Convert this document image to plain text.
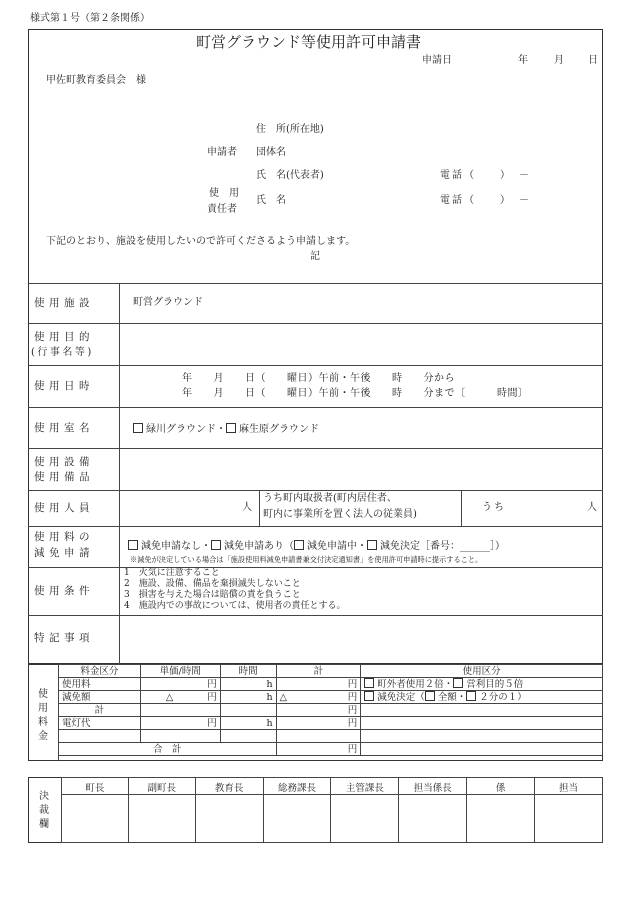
様式第１号（第２条関係）
町営グラウンド等使用許可申請書
申請日	年	月 日
甲佐町教育委員会　様
住　所(所在地)
申請者 団体名
氏　名(代表者)	電話（　　）　－
使　用
責任者
氏　名	電話（　　）　－
下記のとおり、施設を使用したいので許可くださるよう申請します。
記
使用施設	町営グラウンド
使用目的
(行事名等)
使用日時
年　　月　　日（　　曜日）午前・午後　　時　　分から
年　　月　　日（　　曜日）午前・午後　　時　　分まで〔　　　時間〕
使用室名	緑川グラウンド・ 麻生原グラウンド
使用設備
使用備品
使用人員	人
うち町内取扱者(町内居住者、
町内に事業所を置く法人の従業員)
うち	人
使用料の
減免申請
減免申請なし・ 減免申請あり（ 減免申請中・ 減免決定［番号：______］）
※減免が決定している場合は「施設使用料減免申請書兼交付決定通知書」を使用許可申請時に提示すること。
使用条件
1　火気に注意すること
2　施設、設備、備品を棄損滅失しないこと
3　損害を与えた場合は賠償の責を負うこと
4　施設内での事故については、使用者の責任とする。
特記事項
使
用
料
金
料金区分	単価/時間	時間	計	使用区分
使用料	円	h	円	町外者使用２倍・ 営利目的５倍
減免額	△ 円	h	△ 円	減免決定（ 全額・ ２分の１）
計			円	
電灯代	円	h	円	

合　計			円	
決
裁
欄
町長	副町長	教育長	総務課長	主管課長	担当係長	係	担当
